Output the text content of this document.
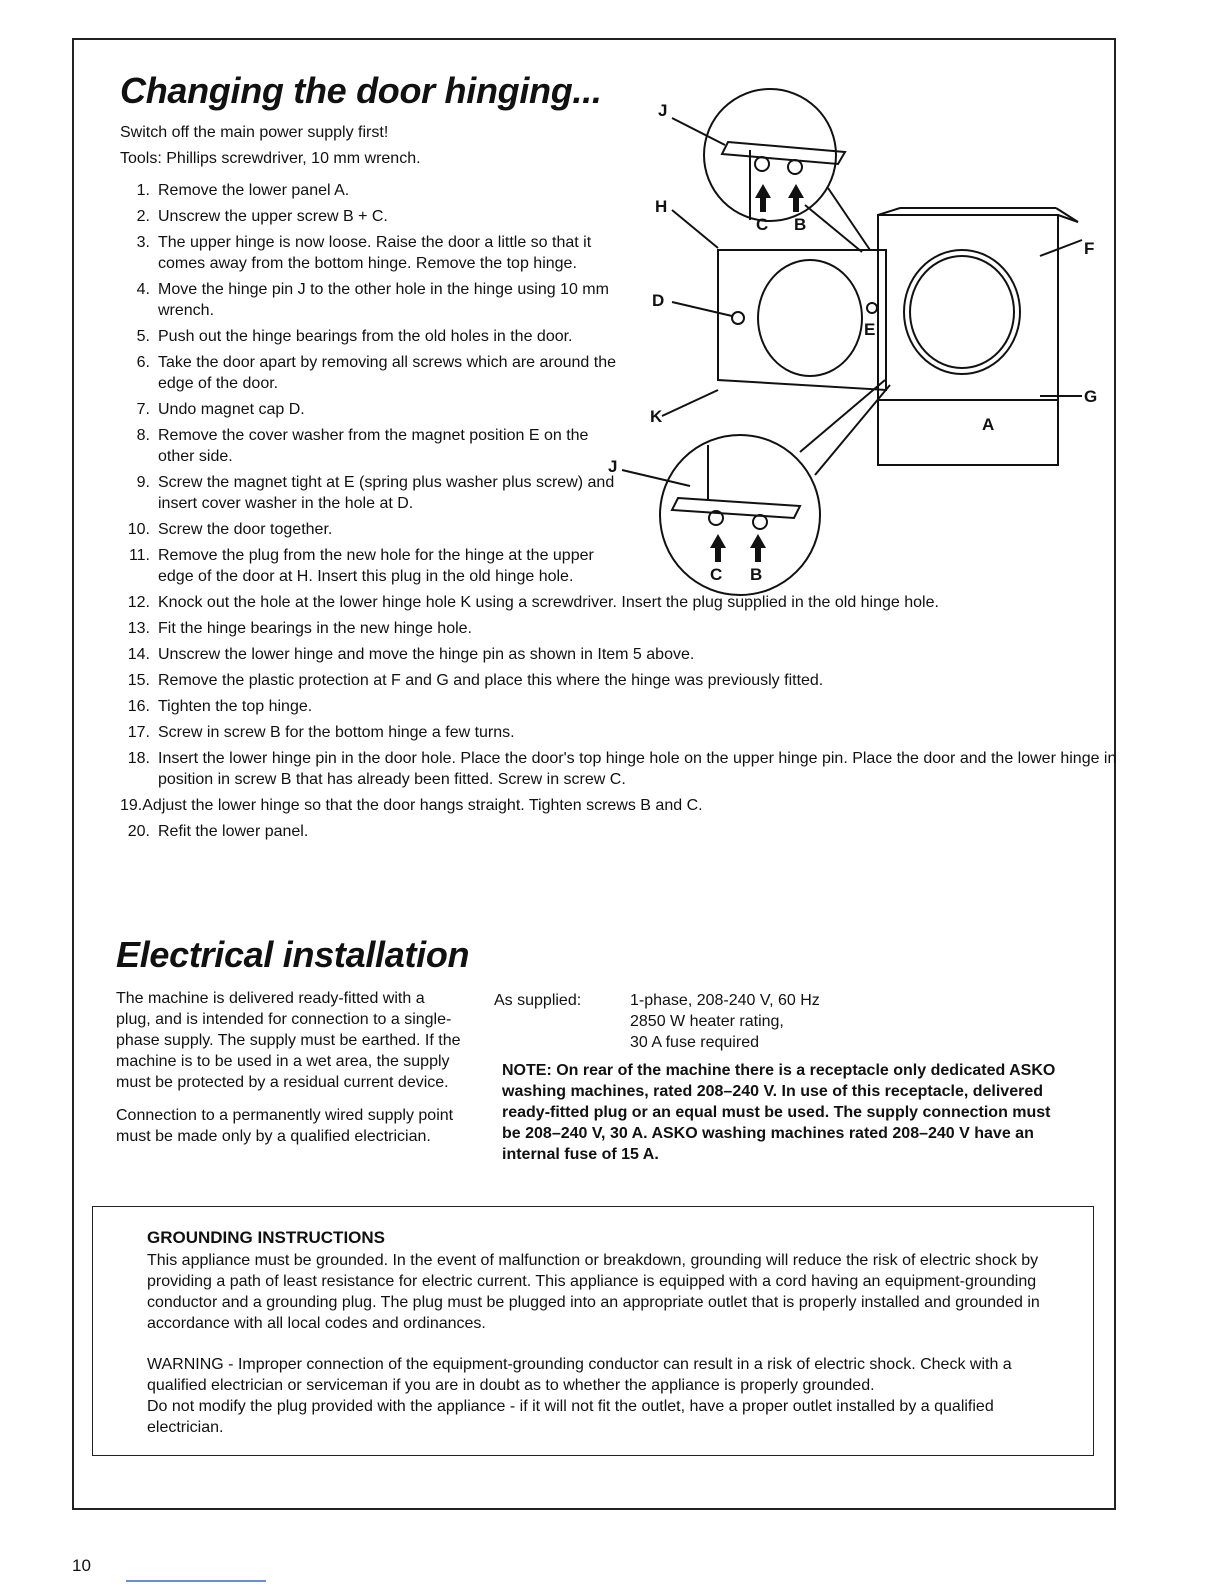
Changing the door hinging...
Switch off the main power supply first!
Tools: Phillips screwdriver, 10 mm wrench.
1. Remove the lower panel A.
2. Unscrew the upper screw B + C.
3. The upper hinge is now loose. Raise the door a little so that it comes away from the bottom hinge. Remove the top hinge.
4. Move the hinge pin J to the other hole in the hinge using 10 mm wrench.
5. Push out the hinge bearings from the old holes in the door.
6. Take the door apart by removing all screws which are around the edge of the door.
7. Undo magnet cap D.
8. Remove the cover washer from the magnet position E on the other side.
9. Screw the magnet tight at E (spring plus washer plus screw) and insert cover washer in the hole at D.
10. Screw the door together.
11. Remove the plug from the new hole for the hinge at the upper edge of the door at H. Insert this plug in the old hinge hole.
12. Knock out the hole at the lower hinge hole K using a screwdriver. Insert the plug supplied in the old hinge hole.
13. Fit the hinge bearings in the new hinge hole.
14. Unscrew the lower hinge and move the hinge pin as shown in Item 5 above.
15. Remove the plastic protection at F and G and place this where the hinge was previously fitted.
16. Tighten the top hinge.
17. Screw in screw B for the bottom hinge a few turns.
18. Insert the lower hinge pin in the door hole. Place the door's top hinge hole on the upper hinge pin. Place the door and the lower hinge in position in screw B that has already been fitted. Screw in screw C.
19.Adjust the lower hinge so that the door hangs straight. Tighten screws B and C.
20. Refit the lower panel.
J
H
D
E
K
J
F
G
A
C B
C B
Electrical installation

The machine is delivered ready-fitted with a plug, and is intended for connection to a single-phase supply. The supply must be earthed. If the machine is to be used in a wet area, the supply must be protected by a residual current device.

Connection to a permanently wired supply point must be made only by a qualified electrician.

As supplied:	1-phase, 208-240 V, 60 Hz
2850 W heater rating,
30 A fuse required
NOTE: On rear of the machine there is a receptacle only dedicated ASKO washing machines, rated 208–240 V. In use of this receptacle, delivered ready-fitted plug or an equal must be used. The supply connection must be 208–240 V, 30 A. ASKO washing machines rated 208–240 V have an internal fuse of 15 A.
GROUNDING INSTRUCTIONS

This appliance must be grounded. In the event of malfunction or breakdown, grounding will reduce the risk of electric shock by providing a path of least resistance for electric current. This appliance is equipped with a cord having an equipment-grounding conductor and a grounding plug. The plug must be plugged into an appropriate outlet that is properly installed and grounded in accordance with all local codes and ordinances.

WARNING - Improper connection of the equipment-grounding conductor can result in a risk of electric shock. Check with a qualified electrician or serviceman if you are in doubt as to whether the appliance is properly grounded.
Do not modify the plug provided with the appliance - if it will not fit the outlet, have a proper outlet installed by a qualified electrician.
10
